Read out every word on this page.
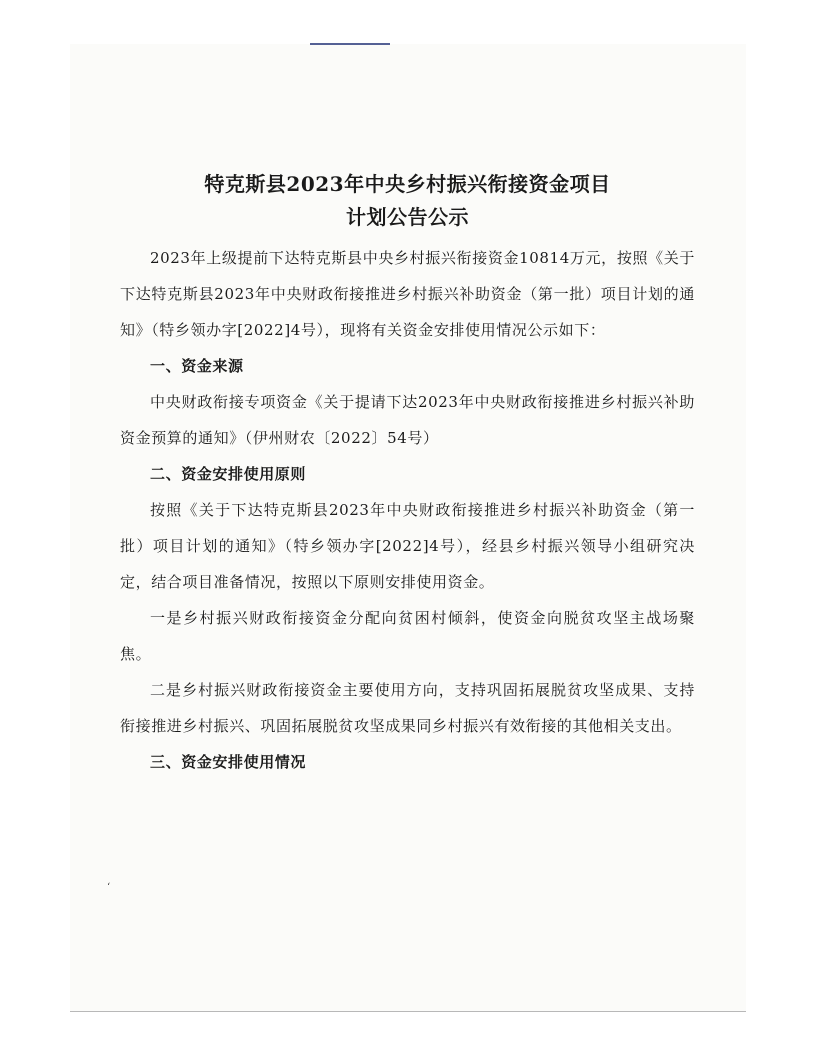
‘
特克斯县2023年中央乡村振兴衔接资金项目
计划公告公示

2023年上级提前下达特克斯县中央乡村振兴衔接资金10814万元，按照《关于下达特克斯县2023年中央财政衔接推进乡村振兴补助资金（第一批）项目计划的通知》（特乡领办字[2022]4号），现将有关资金安排使用情况公示如下：

一、资金来源

中央财政衔接专项资金《关于提请下达2023年中央财政衔接推进乡村振兴补助资金预算的通知》（伊州财农〔2022〕54号）

二、资金安排使用原则

按照《关于下达特克斯县2023年中央财政衔接推进乡村振兴补助资金（第一批）项目计划的通知》（特乡领办字[2022]4号），经县乡村振兴领导小组研究决定，结合项目准备情况，按照以下原则安排使用资金。

一是乡村振兴财政衔接资金分配向贫困村倾斜，使资金向脱贫攻坚主战场聚焦。

二是乡村振兴财政衔接资金主要使用方向，支持巩固拓展脱贫攻坚成果、支持衔接推进乡村振兴、巩固拓展脱贫攻坚成果同乡村振兴有效衔接的其他相关支出。

三、资金安排使用情况
